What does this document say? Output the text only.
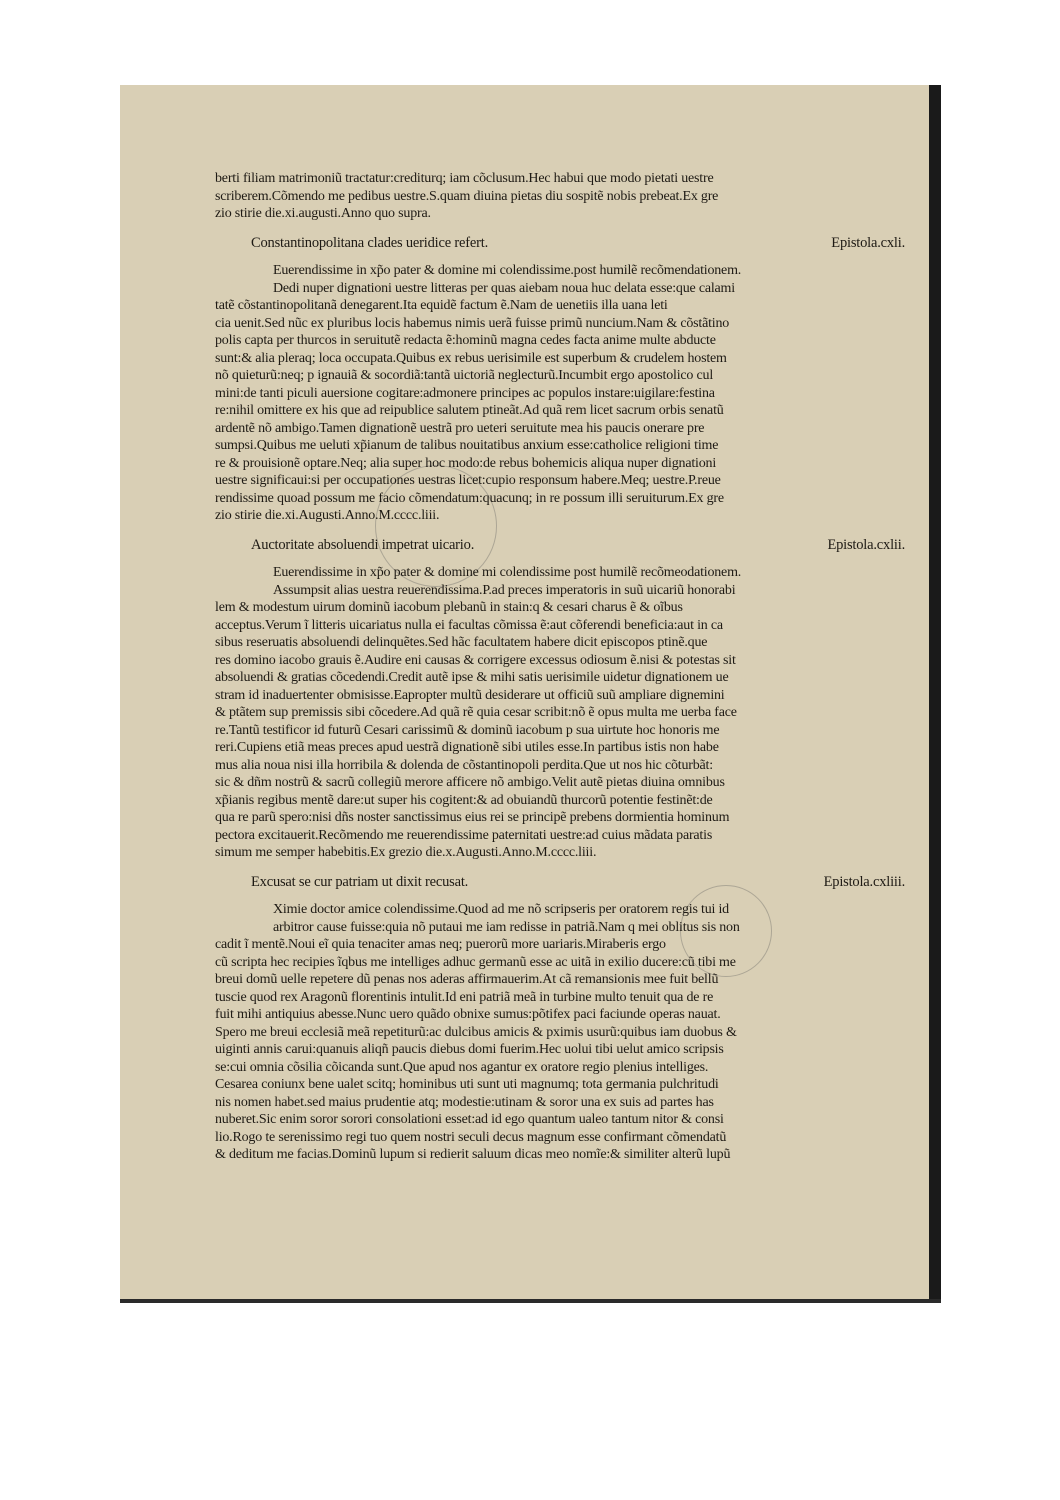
berti filiam matrimoniũ tractatur:crediturq; iam cõclusum.Hec habui que modo pietati uestre
scriberem.Cõmendo me pedibus uestre.S.quam diuina pietas diu sospitẽ nobis prebeat.Ex gre
zio stirie die.xi.augusti.Anno quo supra.
Constantinopolitana clades ueridice refert.	Epistola.cxli.
Euerendissime in xp̃o pater & domine mi colendissime.post humilẽ recõmendationem.
Dedi nuper dignationi uestre litteras per quas aiebam noua huc delata esse:que calami
tatẽ cõstantinopolitanã denegarent.Ita equidẽ factum ẽ.Nam de uenetiis illa uana leti
cia uenit.Sed nũc ex pluribus locis habemus nimis uerã fuisse primũ nuncium.Nam & cõstãtino
polis capta per thurcos in seruitutẽ redacta ẽ:hominũ magna cedes facta anime multe abducte
sunt:& alia pleraq; loca occupata.Quibus ex rebus uerisimile est superbum & crudelem hostem
nõ quieturũ:neq; p ignauiã & socordiã:tantã uictoriã neglecturũ.Incumbit ergo apostolico cul
mini:de tanti piculi auersione cogitare:admonere principes ac populos instare:uigilare:festina
re:nihil omittere ex his que ad reipublice salutem ptineãt.Ad quã rem licet sacrum orbis senatũ
ardentẽ nõ ambigo.Tamen dignationẽ uestrã pro ueteri seruitute mea his paucis onerare pre
sumpsi.Quibus me ueluti xp̃ianum de talibus nouitatibus anxium esse:catholice religioni time
re & prouisionẽ optare.Neq; alia super hoc modo:de rebus bohemicis aliqua nuper dignationi
uestre significaui:si per occupationes uestras licet:cupio responsum habere.Meq; uestre.P.reue
rendissime quoad possum me facio cõmendatum:quacunq; in re possum illi seruiturum.Ex gre
zio stirie die.xi.Augusti.Anno.M.cccc.liii.
Auctoritate absoluendi impetrat uicario.	Epistola.cxlii.
Euerendissime in xp̃o pater & domine mi colendissime post humilẽ recõmeodationem.
Assumpsit alias uestra reuerendissima.P.ad preces imperatoris in suũ uicariũ honorabi
lem & modestum uirum dominũ iacobum plebanũ in stain:q & cesari charus ẽ & oĩbus
acceptus.Verum ĩ litteris uicariatus nulla ei facultas cõmissa ẽ:aut cõferendi beneficia:aut in ca
sibus reseruatis absoluendi delinquẽtes.Sed hãc facultatem habere dicit episcopos ptinẽ.que
res domino iacobo grauis ẽ.Audire eni causas & corrigere excessus odiosum ẽ.nisi & potestas sit
absoluendi & gratias cõcedendi.Credit autẽ ipse & mihi satis uerisimile uidetur dignationem ue
stram id inaduertenter obmisisse.Eapropter multũ desiderare ut officiũ suũ ampliare dignemini
& ptãtem sup premissis sibi cõcedere.Ad quã rẽ quia cesar scribit:nõ ẽ opus multa me uerba face
re.Tantũ testificor id futurũ Cesari carissimũ & dominũ iacobum p sua uirtute hoc honoris me
reri.Cupiens etiã meas preces apud uestrã dignationẽ sibi utiles esse.In partibus istis non habe
mus alia noua nisi illa horribila & dolenda de cõstantinopoli perdita.Que ut nos hic cõturbãt:
sic & dñm nostrũ & sacrũ collegiũ merore afficere nõ ambigo.Velit autẽ pietas diuina omnibus
xp̃ianis regibus mentẽ dare:ut super his cogitent:& ad obuiandũ thurcorũ potentie festinẽt:de
qua re parũ spero:nisi dñs noster sanctissimus eius rei se principẽ prebens dormientia hominum
pectora excitauerit.Recõmendo me reuerendissime paternitati uestre:ad cuius mãdata paratis
simum me semper habebitis.Ex grezio die.x.Augusti.Anno.M.cccc.liii.
Excusat se cur patriam ut dixit recusat.	Epistola.cxliii.
Ximie doctor amice colendissime.Quod ad me nõ scripseris per oratorem regis tui id
arbitror cause fuisse:quia nõ putaui me iam redisse in patriã.Nam q mei oblitus sis non
cadit ĩ mentẽ.Noui eĩ quia tenaciter amas neq; puerorũ more uariaris.Miraberis ergo
cũ scripta hec recipies ĩqbus me intelliges adhuc germanũ esse ac uitã in exilio ducere:cũ tibi me
breui domũ uelle repetere dũ penas nos aderas affirmauerim.At cã remansionis mee fuit bellũ
tuscie quod rex Aragonũ florentinis intulit.Id eni patriã meã in turbine multo tenuit qua de re
fuit mihi antiquius abesse.Nunc uero quãdo obnixe sumus:põtifex paci faciunde operas nauat.
Spero me breui ecclesiã meã repetiturũ:ac dulcibus amicis & pximis usurũ:quibus iam duobus &
uiginti annis carui:quanuis aliqñ paucis diebus domi fuerim.Hec uolui tibi uelut amico scripsis
se:cui omnia cõsilia cõicanda sunt.Que apud nos agantur ex oratore regio plenius intelliges.
Cesarea coniunx bene ualet scitq; hominibus uti sunt uti magnumq; tota germania pulchritudi
nis nomen habet.sed maius prudentie atq; modestie:utinam & soror una ex suis ad partes has
nuberet.Sic enim soror sorori consolationi esset:ad id ego quantum ualeo tantum nitor & consi
lio.Rogo te serenissimo regi tuo quem nostri seculi decus magnum esse confirmant cõmendatũ
& deditum me facias.Dominũ lupum si redierit saluum dicas meo nomĩe:& similiter alterũ lupũ
